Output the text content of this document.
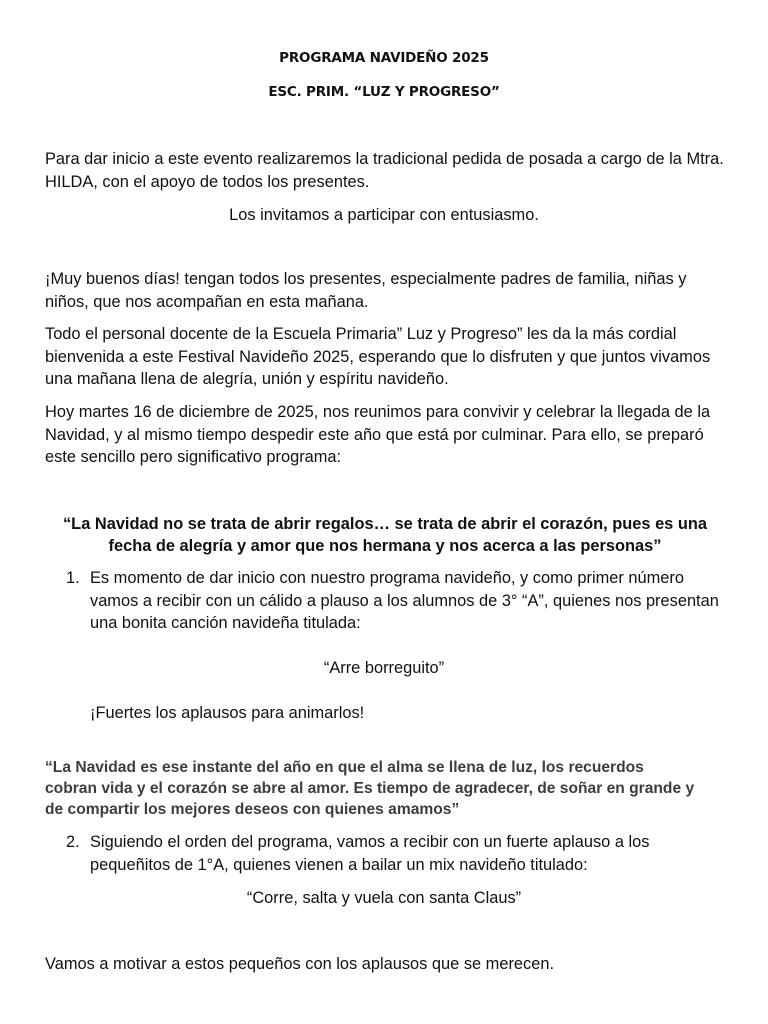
PROGRAMA NAVIDEÑO 2025
ESC. PRIM. “LUZ Y PROGRESO”
Para dar inicio a este evento realizaremos la tradicional pedida de posada a cargo de la Mtra. HILDA, con el apoyo de todos los presentes.
Los invitamos a participar con entusiasmo.
¡Muy buenos días! tengan todos los presentes, especialmente padres de familia, niñas y niños, que nos acompañan en esta mañana.
Todo el personal docente de la Escuela Primaria” Luz y Progreso” les da la más cordial bienvenida a este Festival Navideño 2025, esperando que lo disfruten y que juntos vivamos una mañana llena de alegría, unión y espíritu navideño.
Hoy martes 16 de diciembre de 2025, nos reunimos para convivir y celebrar la llegada de la Navidad, y al mismo tiempo despedir este año que está por culminar. Para ello, se preparó este sencillo pero significativo programa:
“La Navidad no se trata de abrir regalos… se trata de abrir el corazón, pues es una fecha de alegría y amor que nos hermana y nos acerca a las personas”
1. Es momento de dar inicio con nuestro programa navideño, y como primer número vamos a recibir con un cálido a plauso a los alumnos de 3° “A”, quienes nos presentan una bonita canción navideña titulada:
“Arre borreguito”
¡Fuertes los aplausos para animarlos!
“La Navidad es ese instante del año en que el alma se llena de luz, los recuerdos cobran vida y el corazón se abre al amor. Es tiempo de agradecer, de soñar en grande y de compartir los mejores deseos con quienes amamos”
2. Siguiendo el orden del programa, vamos a recibir con un fuerte aplauso a los pequeñitos de 1°A, quienes vienen a bailar un mix navideño titulado:
“Corre, salta y vuela con santa Claus”
Vamos a motivar a estos pequeños con los aplausos que se merecen.
